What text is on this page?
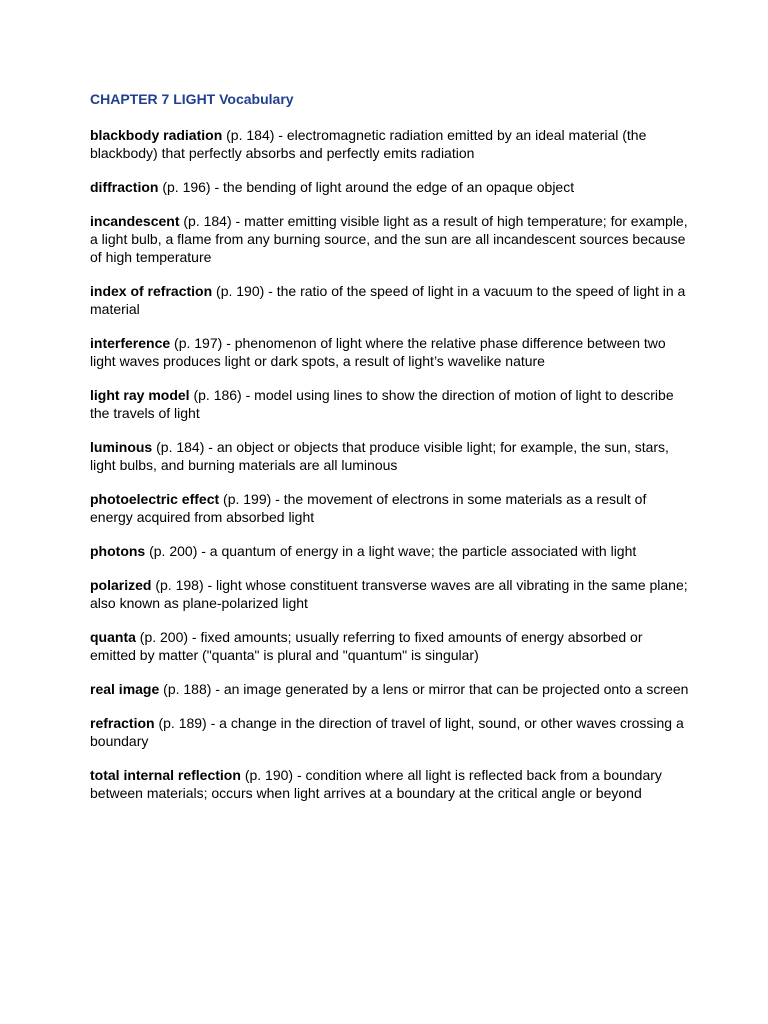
CHAPTER 7 LIGHT Vocabulary
blackbody radiation (p. 184) - electromagnetic radiation emitted by an ideal material (the blackbody) that perfectly absorbs and perfectly emits radiation
diffraction (p. 196) - the bending of light around the edge of an opaque object
incandescent (p. 184) - matter emitting visible light as a result of high temperature; for example, a light bulb, a flame from any burning source, and the sun are all incandescent sources because of high temperature
index of refraction (p. 190) - the ratio of the speed of light in a vacuum to the speed of light in a material
interference (p. 197) - phenomenon of light where the relative phase difference between two light waves produces light or dark spots, a result of light’s wavelike nature
light ray model (p. 186) - model using lines to show the direction of motion of light to describe the travels of light
luminous (p. 184) - an object or objects that produce visible light; for example, the sun, stars, light bulbs, and burning materials are all luminous
photoelectric effect (p. 199) - the movement of electrons in some materials as a result of energy acquired from absorbed light
photons (p. 200) - a quantum of energy in a light wave; the particle associated with light
polarized (p. 198) - light whose constituent transverse waves are all vibrating in the same plane; also known as plane-polarized light
quanta (p. 200) - fixed amounts; usually referring to fixed amounts of energy absorbed or emitted by matter ("quanta" is plural and "quantum" is singular)
real image (p. 188) - an image generated by a lens or mirror that can be projected onto a screen
refraction (p. 189) - a change in the direction of travel of light, sound, or other waves crossing a boundary
total internal reflection (p. 190) - condition where all light is reflected back from a boundary between materials; occurs when light arrives at a boundary at the critical angle or beyond
